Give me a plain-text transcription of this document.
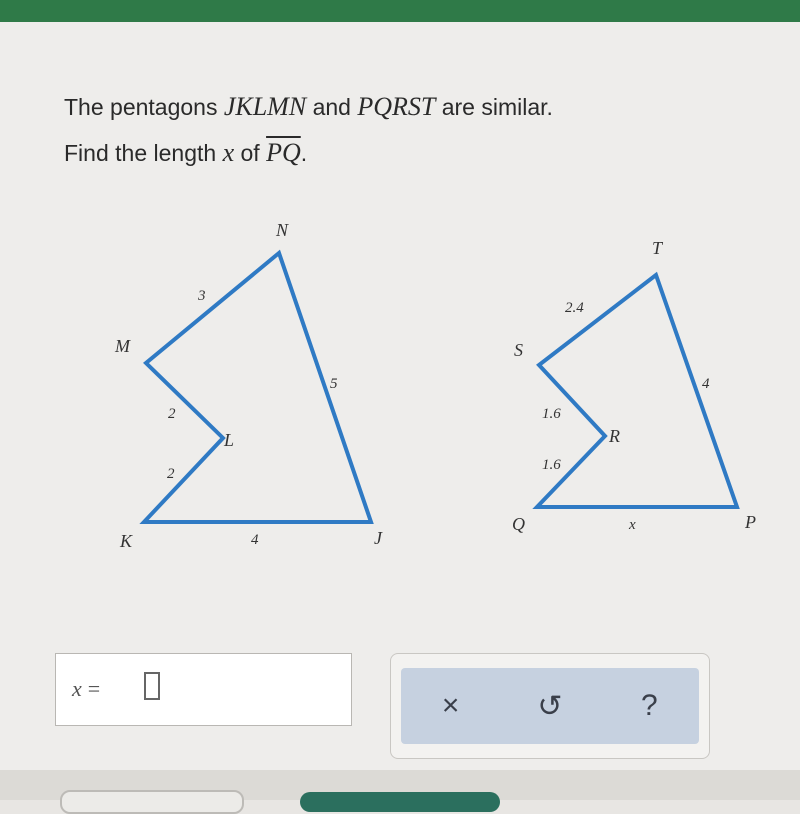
The pentagons JKLMN and PQRST are similar.
Find the length x of $\overline{PQ}$.
N
M
L
K	J
3
5
2
2
4
T
S
R
Q	P
2.4
4
1.6
1.6
x
x =
×	↺	?
